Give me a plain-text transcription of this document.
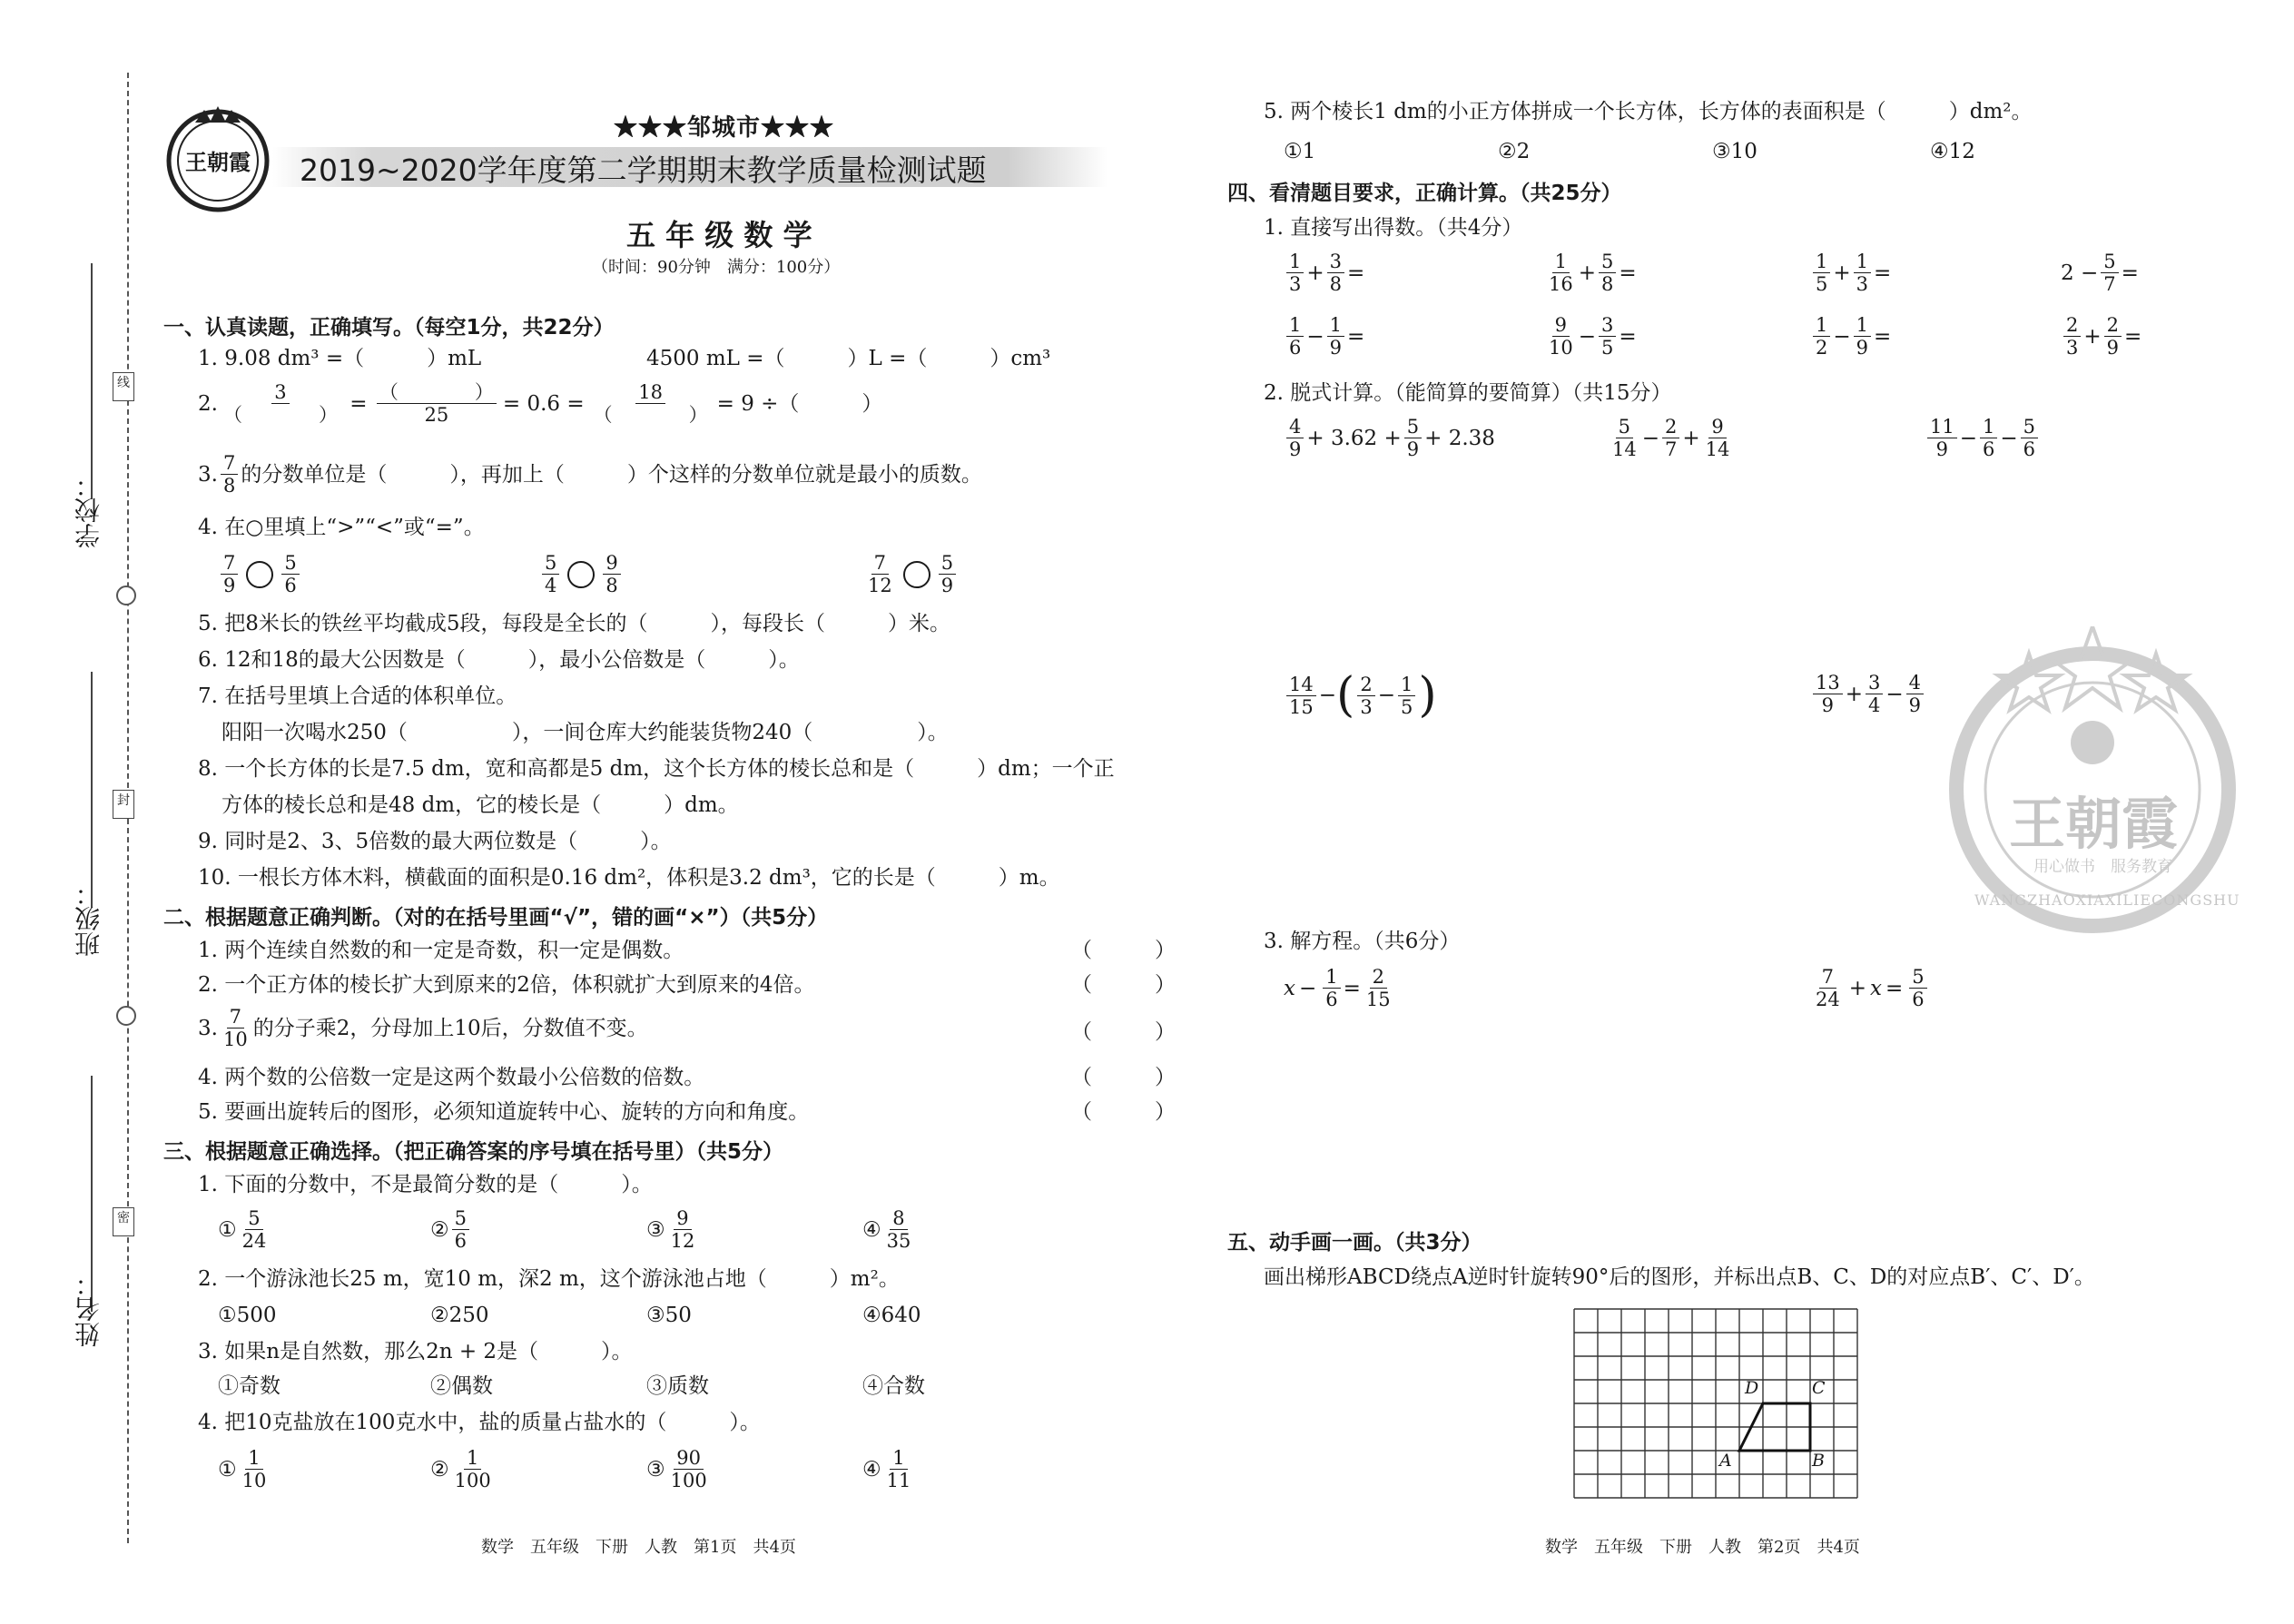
学校：
班级：
姓名：
线
封
密
王朝霞
★★★邹城市★★★
2019~2020学年度第二学期期末教学质量检测试题
五 年 级 数 学
（时间：90分钟　满分：100分）
一、认真读题，正确填写。（每空1分，共22分）
1. 9.08 dm³ =（　　　）mL	4500 mL =（　　　）L =（　　　）cm³
2. $\frac{3}{( )} = \frac{( )}{25} = 0.6 = \frac{18}{( )} = 9$ ÷（　　　）
3. $\frac{7}{8}$ 的分数单位是（　　　），再加上（　　　）个这样的分数单位就是最小的质数。
4. 在○里填上“>”“<”或“=”。
$\frac{7}{9} \frac{5}{6}$	$\frac{5}{4} \frac{9}{8}$	$\frac{7}{12} \frac{5}{9}$
5. 把8米长的铁丝平均截成5段，每段是全长的（　　　），每段长（　　　）米。
6. 12和18的最大公因数是（　　　），最小公倍数是（　　　）。
7. 在括号里填上合适的体积单位。
阳阳一次喝水250（　　　　　），一间仓库大约能装货物240（　　　　　）。
8. 一个长方体的长是7.5 dm，宽和高都是5 dm，这个长方体的棱长总和是（　　　）dm；一个正
方体的棱长总和是48 dm，它的棱长是（　　　）dm。
9. 同时是2、3、5倍数的最大两位数是（　　　）。
10. 一根长方体木料，横截面的面积是0.16 dm²，体积是3.2 dm³，它的长是（　　　）m。
二、根据题意正确判断。（对的在括号里画“√”，错的画“×”）（共5分）
1. 两个连续自然数的和一定是奇数，积一定是偶数。	（　　　）
2. 一个正方体的棱长扩大到原来的2倍，体积就扩大到原来的4倍。	（　　　）
3. $\frac{7}{10}$ 的分子乘2，分母加上10后，分数值不变。	（　　　）
4. 两个数的公倍数一定是这两个数最小公倍数的倍数。	（　　　）
5. 要画出旋转后的图形，必须知道旋转中心、旋转的方向和角度。	（　　　）
三、根据题意正确选择。（把正确答案的序号填在括号里）（共5分）
1. 下面的分数中，不是最简分数的是（　　　）。
① $\frac{5}{24}$	② $\frac{5}{6}$	③ $\frac{9}{12}$	④ $\frac{8}{35}$
2. 一个游泳池长25 m，宽10 m，深2 m，这个游泳池占地（　　　）m²。
①500	②250	③50	④640
3. 如果n是自然数，那么2n + 2是（　　　）。
①奇数	②偶数	③质数	④合数
4. 把10克盐放在100克水中，盐的质量占盐水的（　　　）。
① $\frac{1}{10}$	② $\frac{1}{100}$	③ $\frac{90}{100}$	④ $\frac{1}{11}$
数学　五年级　下册　人教　第1页　共4页
5. 两个棱长1 dm的小正方体拼成一个长方体，长方体的表面积是（　　　）dm²。
①1	②2	③10	④12
四、看清题目要求，正确计算。（共25分）
1. 直接写出得数。（共4分）
$\frac{1}{3} + \frac{3}{8}$ =	$\frac{1}{16} + \frac{5}{8}$ =	$\frac{1}{5} + \frac{1}{3}$ =	$2 - \frac{5}{7}$ =
$\frac{1}{6} - \frac{1}{9}$ =	$\frac{9}{10} - \frac{3}{5}$ =	$\frac{1}{2} - \frac{1}{9}$ =	$\frac{2}{3} + \frac{2}{9}$ =
2. 脱式计算。（能简算的要简算）（共15分）
$\frac{4}{9} + 3.62 + \frac{5}{9} + 2.38$	$\frac{5}{14} - \frac{2}{7} + \frac{9}{14}$	$\frac{11}{9} - \frac{1}{6} - \frac{5}{6}$
$\frac{14}{15}$ − ( $\frac{2}{3} - \frac{1}{5}$ )	$\frac{13}{9} + \frac{3}{4} - \frac{4}{9}$
王朝霞
用心做书　服务教育
WANGZHAOXIAXILIECONGSHU
3. 解方程。（共6分）
$x - \frac{1}{6} = \frac{2}{15}$	$\frac{7}{24} + x = \frac{5}{6}$
五、动手画一画。（共3分）
画出梯形ABCD绕点A逆时针旋转90°后的图形，并标出点B、C、D的对应点B′、C′、D′。
A	B
C
D
数学　五年级　下册　人教　第2页　共4页
